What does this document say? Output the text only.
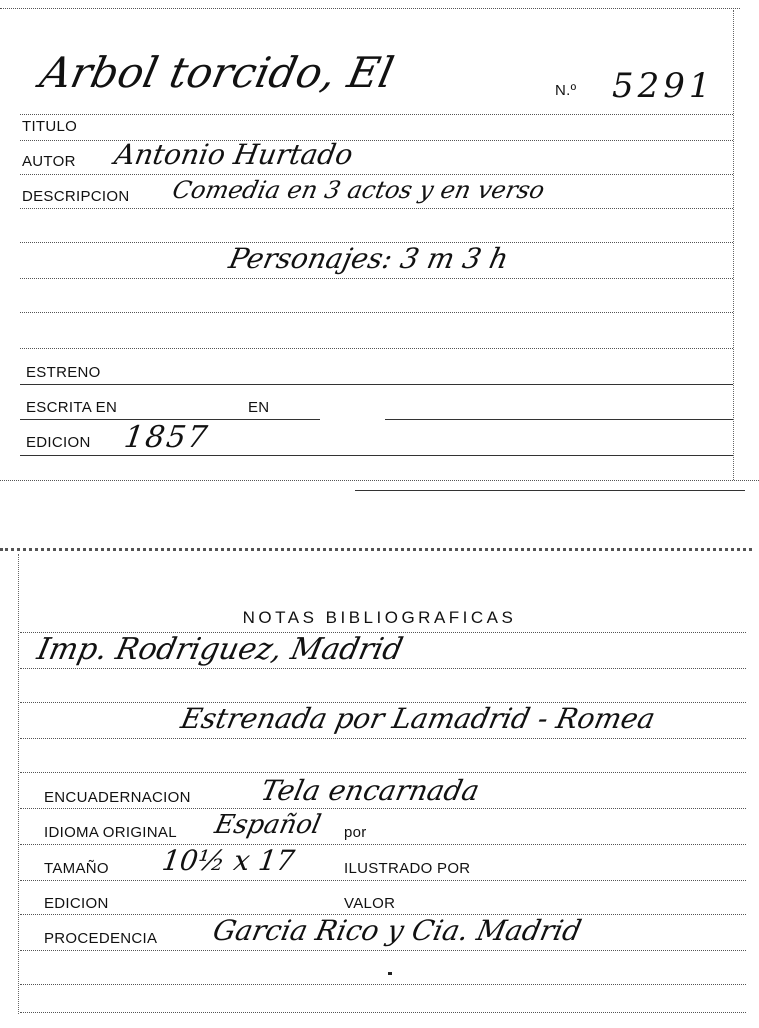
Arbol torcido, El	N.º 5291
TITULO
AUTOR Antonio Hurtado
DESCRIPCION Comedia en 3 actos y en verso
Personajes: 3 m 3 h
ESTRENO
ESCRITA EN	EN
EDICION 1857
NOTAS BIBLIOGRAFICAS
Imp. Rodriguez, Madrid
Estrenada por Lamadrid - Romea
ENCUADERNACION Tela encarnada
IDIOMA ORIGINAL Español por
TAMAÑO 10½ x 17	ILUSTRADO POR
EDICION	VALOR
PROCEDENCIA Garcia Rico y Cia. Madrid
